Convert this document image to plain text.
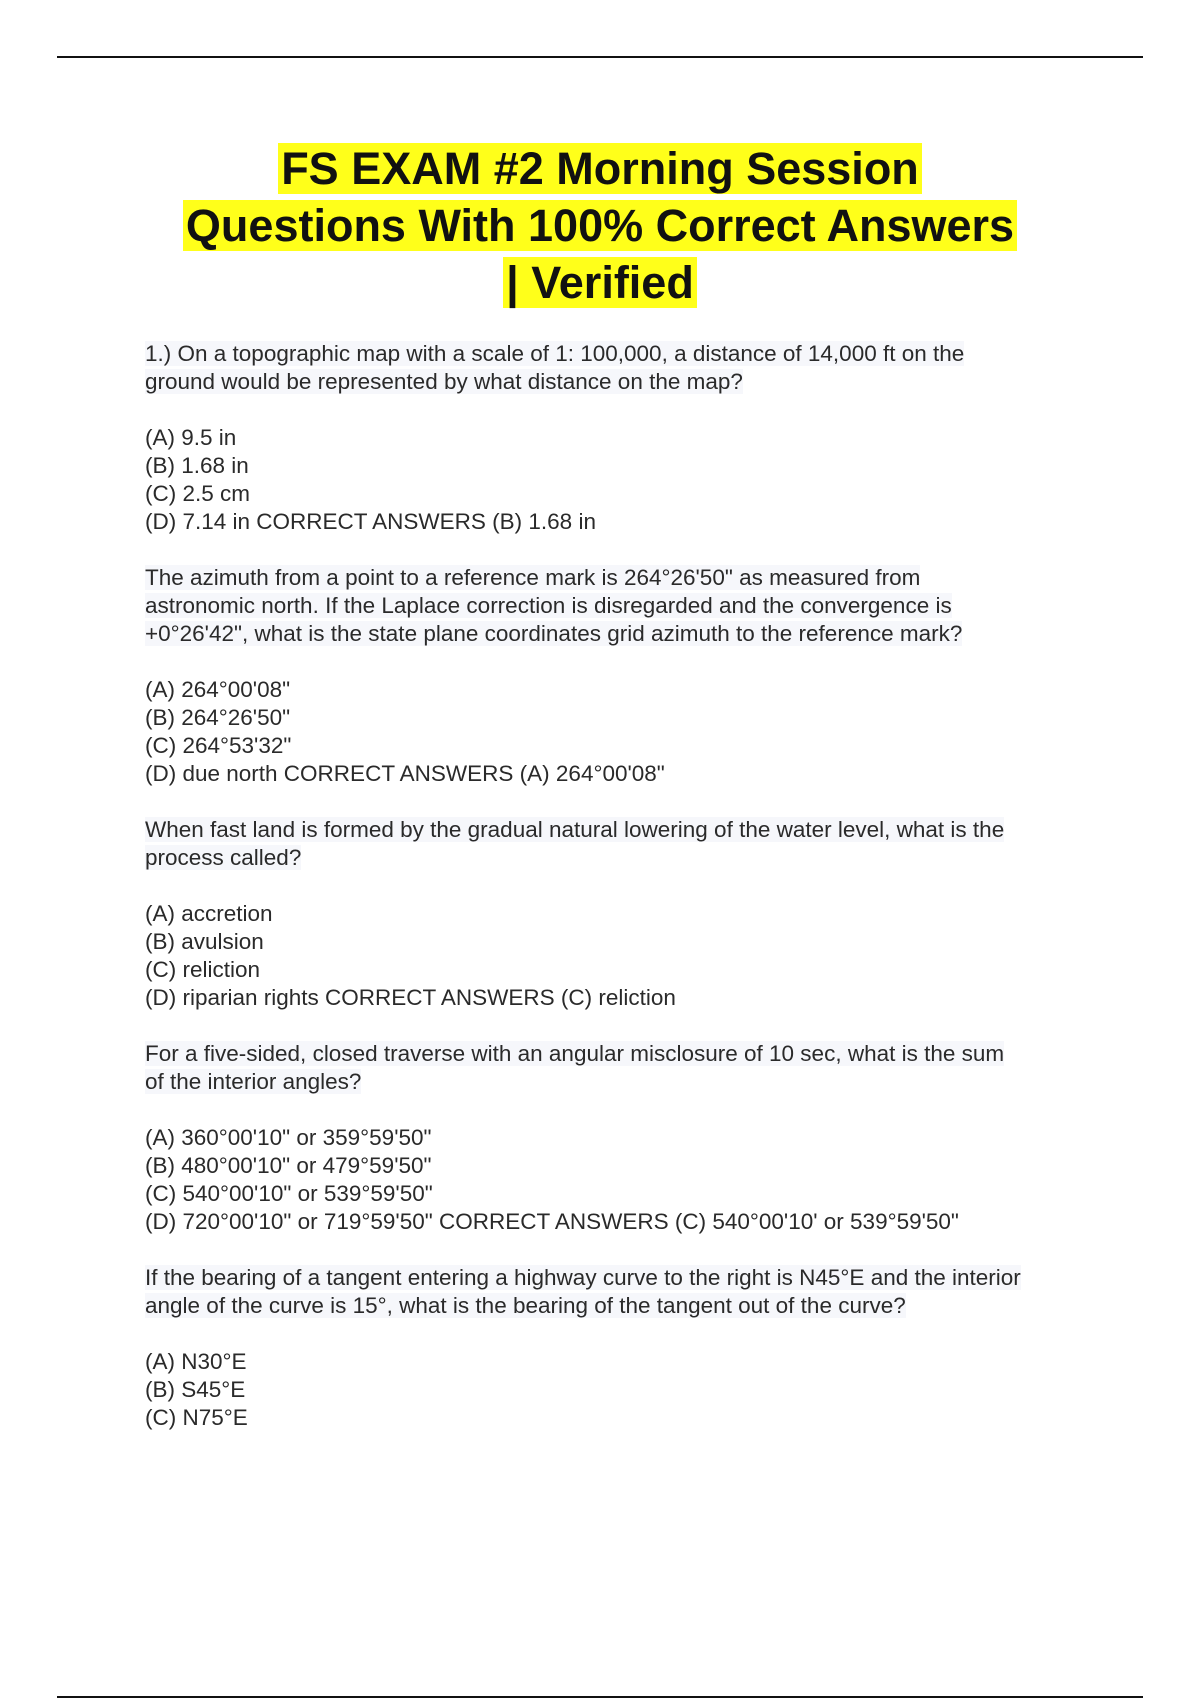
FS EXAM #2 Morning Session
Questions With 100% Correct Answers
| Verified

1.) On a topographic map with a scale of 1: 100,000, a distance of 14,000 ft on the
ground would be represented by what distance on the map?

(A) 9.5 in

(B) 1.68 in

(C) 2.5 cm

(D) 7.14 in CORRECT ANSWERS (B) 1.68 in

The azimuth from a point to a reference mark is 264°26'50" as measured from
astronomic north. If the Laplace correction is disregarded and the convergence is
+0°26'42", what is the state plane coordinates grid azimuth to the reference mark?

(A) 264°00'08"

(B) 264°26'50"

(C) 264°53'32"

(D) due north CORRECT ANSWERS (A) 264°00'08"

When fast land is formed by the gradual natural lowering of the water level, what is the
process called?

(A) accretion

(B) avulsion

(C) reliction

(D) riparian rights CORRECT ANSWERS (C) reliction

For a five-sided, closed traverse with an angular misclosure of 10 sec, what is the sum
of the interior angles?

(A) 360°00'10" or 359°59'50"

(B) 480°00'10" or 479°59'50"

(C) 540°00'10" or 539°59'50"

(D) 720°00'10" or 719°59'50" CORRECT ANSWERS (C) 540°00'10' or 539°59'50"

If the bearing of a tangent entering a highway curve to the right is N45°E and the interior
angle of the curve is 15°, what is the bearing of the tangent out of the curve?

(A) N30°E

(B) S45°E

(C) N75°E
